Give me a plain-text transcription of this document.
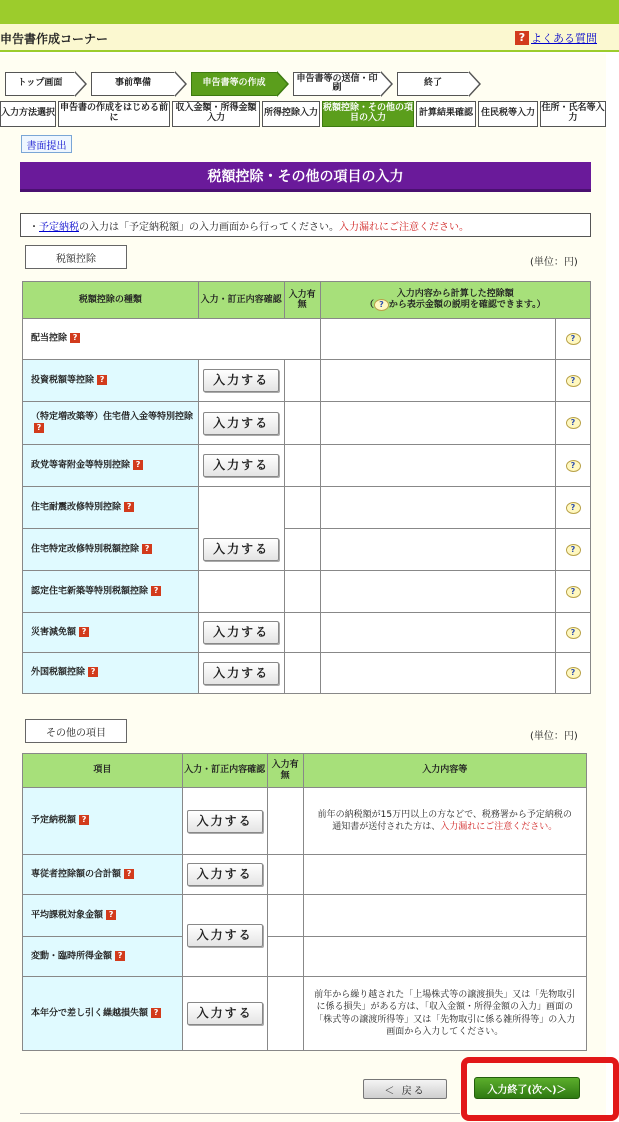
申告書作成コーナー	? よくある質問
トップ画面	事前準備	申告書等の作成	申告書等の送信・印刷	終了
入力方法選択 申告書の作成をはじめる前に
収入金額・所得金額入力	所得控除入力 税額控除・その他の項目の入力	計算結果確認 住民税等入力 住所・氏名等入力
書面提出
税額控除・その他の項目の入力
・ 予定納税 の入力は「予定納税額」の入力画面から行ってください。 入力漏れにご注意ください。
税額控除	(単位：円)
税額控除の種類	入力・訂正内容確認	入力有無	入力内容から計算した控除額
（ ? から表示金額の説明を確認できます。）	

配当控除 ?				?
投資税額等控除 ?	入力する			?
（特定増改築等）住宅借入金等特別控除?	入力する			?
政党等寄附金等特別控除 ?	入力する			?
住宅耐震改修特別控除 ?	入力する			?
住宅特定改修特別税額控除 ?				?
認定住宅新築等特別税額控除 ?				?
災害減免額 ?	入力する			?
外国税額控除 ?	入力する			?
その他の項目	(単位：円)
項目	入力・訂正内容確認	入力有無	入力内容等
予定納税額 ?	入力する		前年の納税額が15万円以上の方などで、税務署から予定納税の通知書が送付された方は、入力漏れにご注意ください。
専従者控除額の合計額 ?	入力する		
平均課税対象金額 ?	入力する		
変動・臨時所得金額 ?			
本年分で差し引く繰越損失額 ?	入力する		前年から繰り越された「上場株式等の譲渡損失」又は「先物取引に係る損失」がある方は、「収入金額・所得金額の入力」画面の「株式等の譲渡所得等」又は「先物取引に係る雑所得等」の入力画面から入力してください。
＜ 戻る	入力終了(次へ)＞
